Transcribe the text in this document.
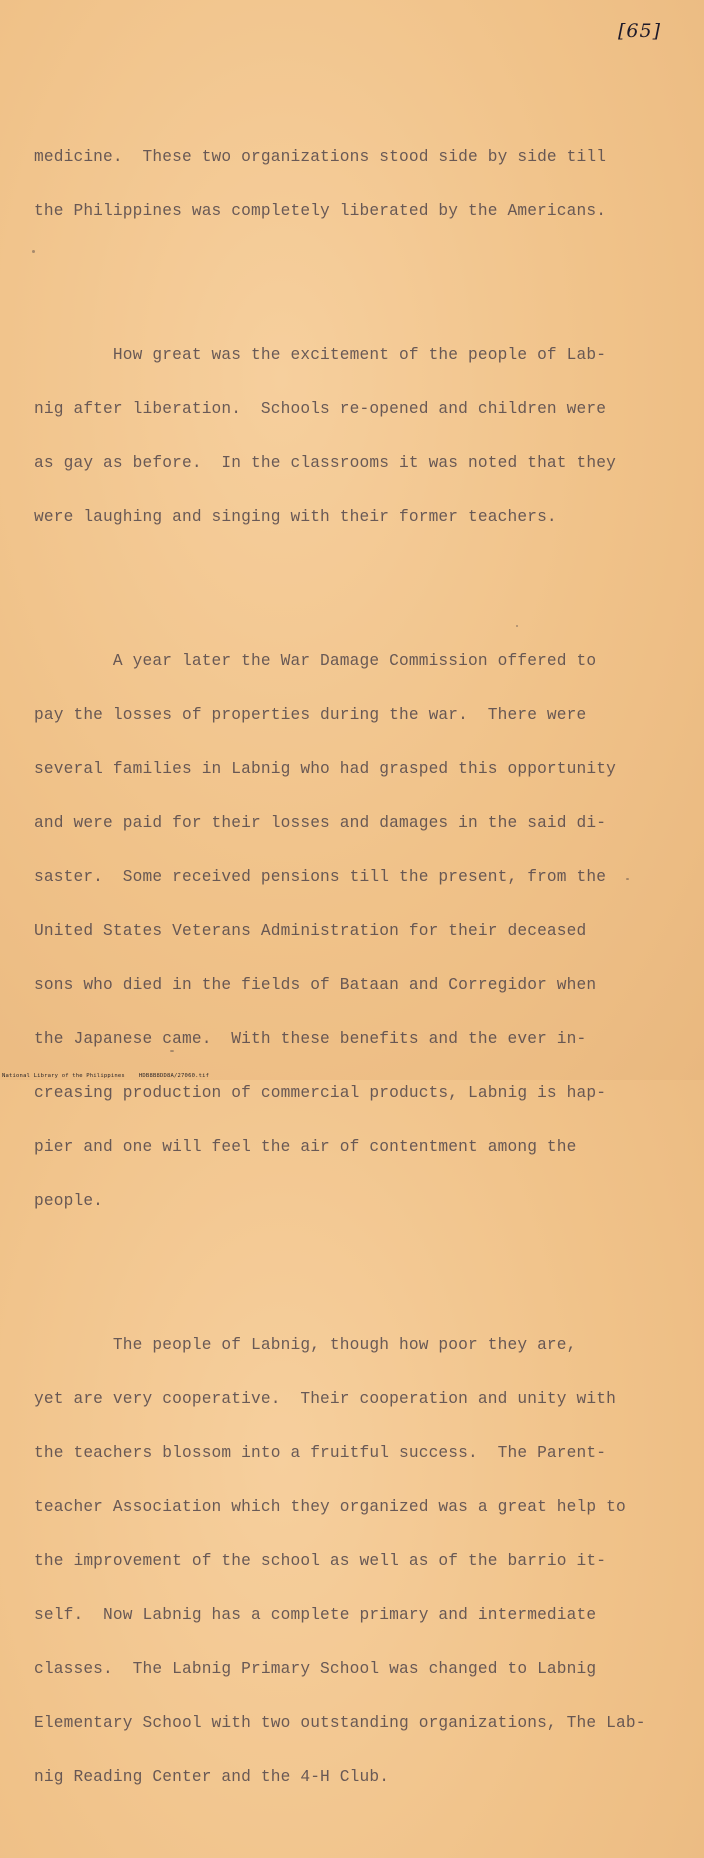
[65]

medicine.  These two organizations stood side by side till

the Philippines was completely liberated by the Americans.

How great was the excitement of the people of Lab-

nig after liberation.  Schools re-opened and children were

as gay as before.  In the classrooms it was noted that they

were laughing and singing with their former teachers.

A year later the War Damage Commission offered to

pay the losses of properties during the war.  There were

several families in Labnig who had grasped this opportunity

and were paid for their losses and damages in the said di-

saster.  Some received pensions till the present, from the

United States Veterans Administration for their deceased

sons who died in the fields of Bataan and Corregidor when

the Japanese came.  With these benefits and the ever in-

creasing production of commercial products, Labnig is hap-

pier and one will feel the air of contentment among the

people.

The people of Labnig, though how poor they are,

yet are very cooperative.  Their cooperation and unity with

the teachers blossom into a fruitful success.  The Parent-

teacher Association which they organized was a great help to

the improvement of the school as well as of the barrio it-

self.  Now Labnig has a complete primary and intermediate

classes.  The Labnig Primary School was changed to Labnig

Elementary School with two outstanding organizations, The Lab-

nig Reading Center and the 4-H Club.

National Library of the Philippines	HDB8B8DD8A/27060.tif
